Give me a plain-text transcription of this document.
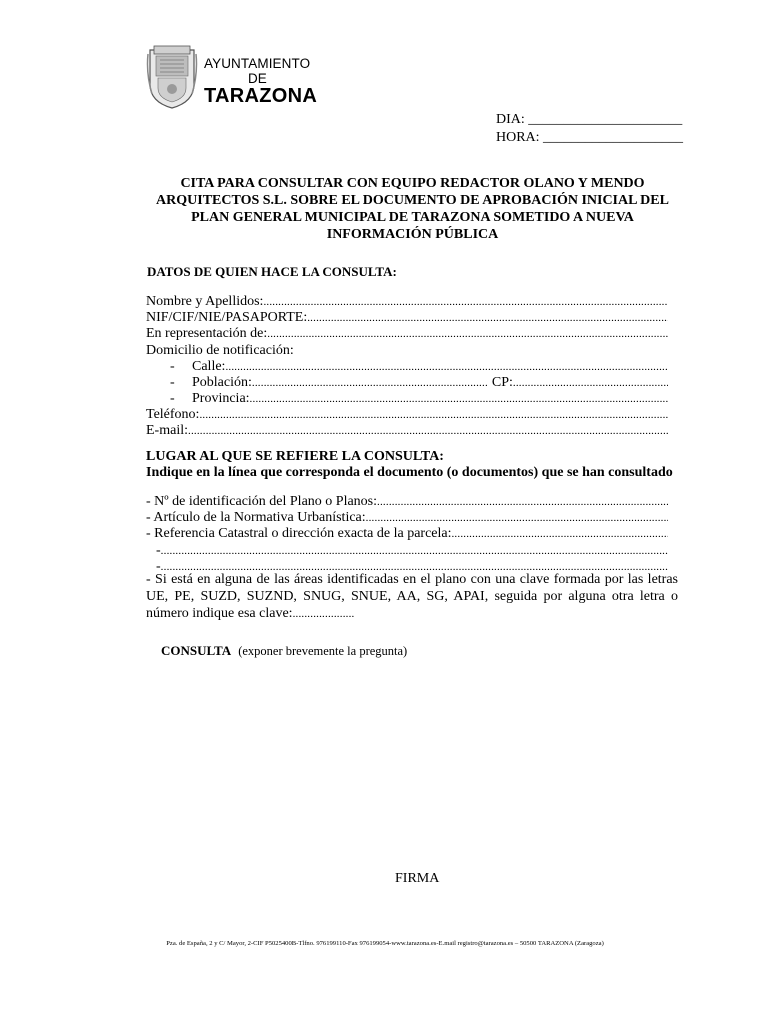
AYUNTAMIENTO
DE
TARAZONA
DIA: ______________________
HORA: ____________________
CITA PARA CONSULTAR CON EQUIPO REDACTOR OLANO Y MENDO
ARQUITECTOS S.L. SOBRE EL DOCUMENTO DE APROBACIÓN INICIAL DEL
PLAN GENERAL MUNICIPAL DE TARAZONA SOMETIDO A NUEVA
INFORMACIÓN PÚBLICA
DATOS DE QUIEN HACE LA CONSULTA:
Nombre y Apellidos:
.....
NIF/CIF/NIE/PASAPORTE:
.....
En representación de:
.....
Domicilio de notificación:
-	Calle:
.....
-	Población:
.....	CP:
.....
-	Provincia:
.....
Teléfono:
.....
E-mail:
.....
LUGAR AL QUE SE REFIERE LA CONSULTA:
Indique en la línea que corresponda el documento (o documentos) que se han consultado
- Nº de identificación del Plano o Planos:
.....
- Artículo de la Normativa Urbanística:
.....
- Referencia Catastral o dirección exacta de la parcela:
.....
-
.....
-
.....
- Si está en alguna de las áreas identificadas en el plano con una clave formada por las letras UE, PE, SUZD, SUZND, SNUG, SNUE, AA, SG, APAI, seguida por alguna otra letra o número indique esa clave:.....................
CONSULTA (exponer brevemente la pregunta)
FIRMA
Pza. de España, 2 y C/ Mayor, 2-CIF P5025400B-Tlfno. 976199110-Fax 976199054-www.tarazona.es-E.mail registro@tarazona.es – 50500 TARAZONA (Zaragoza)
